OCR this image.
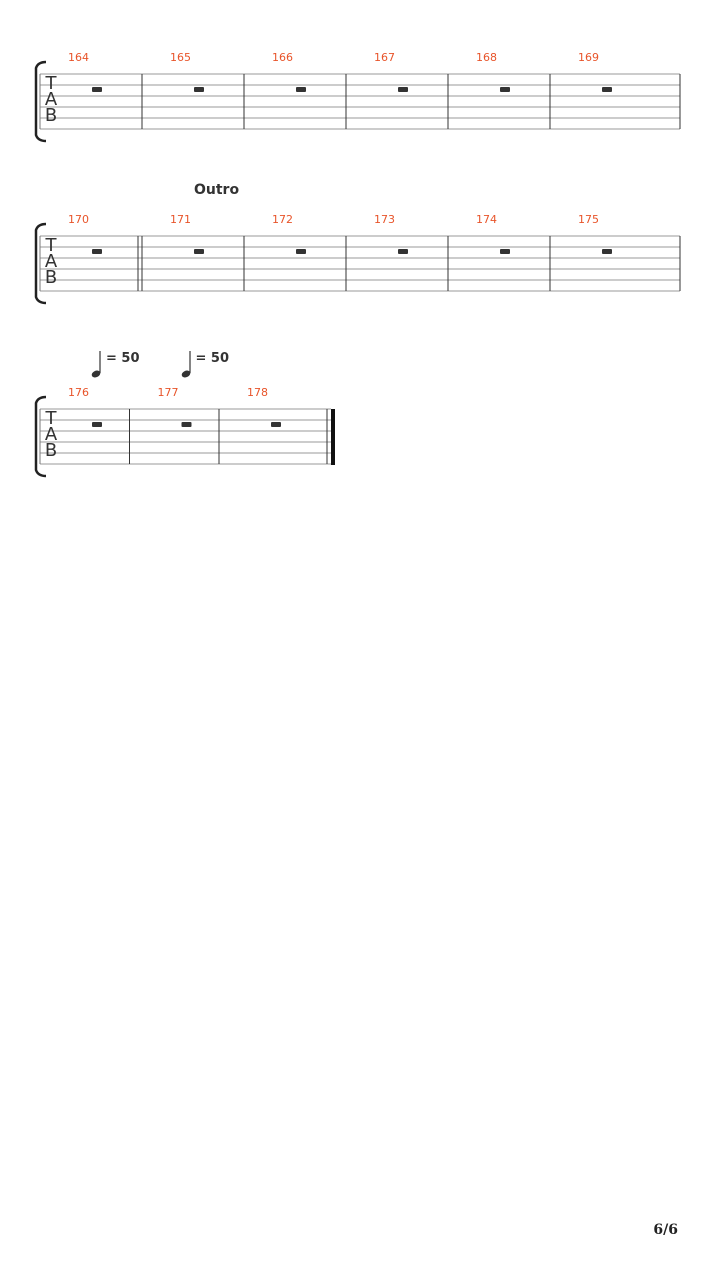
164	165	166	167	168	169
T
A
B
170	171	172	173	174	175
T
A
B
Outro
176	177	178
T
A
B
= 50	= 50
6/6
